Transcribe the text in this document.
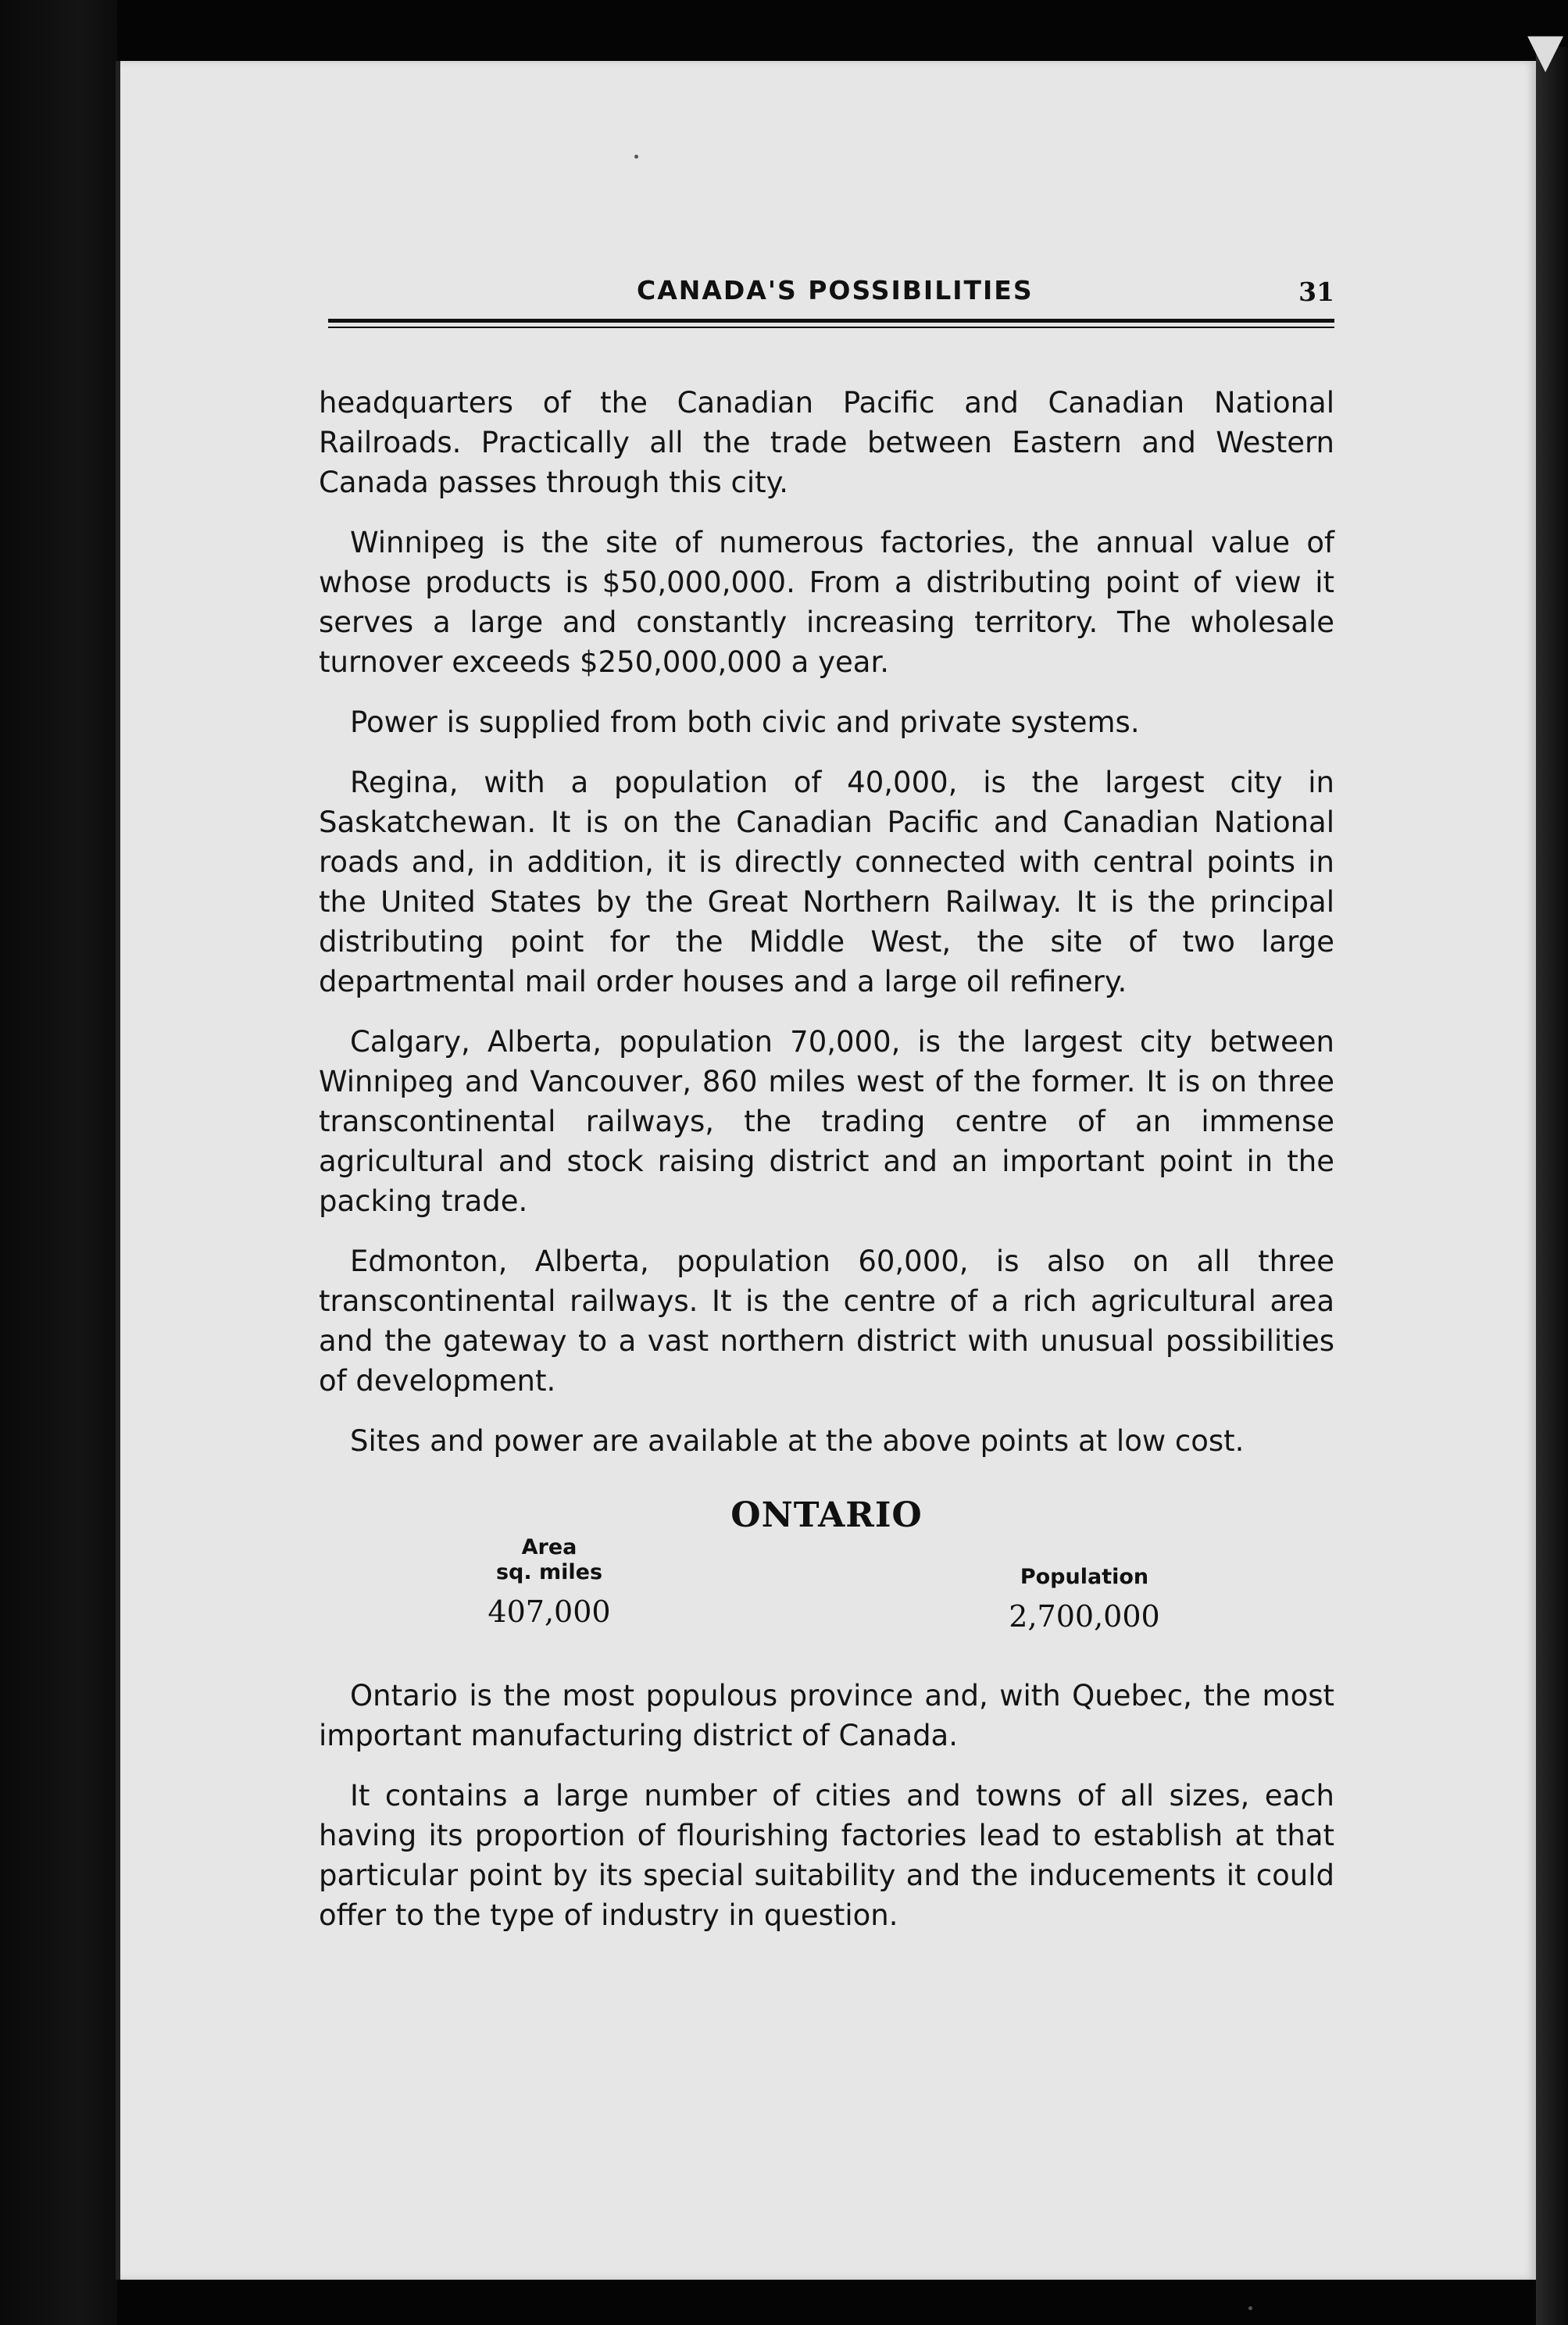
▼
CANADA'S POSSIBILITIES	31

headquarters of the Canadian Pacific and Canadian National Railroads. Practically all the trade between Eastern and Western Canada passes through this city.

Winnipeg is the site of numerous factories, the annual value of whose products is $50,000,000. From a distributing point of view it serves a large and constantly increasing territory. The wholesale turnover exceeds $250,000,000 a year.

Power is supplied from both civic and private systems.

Regina, with a population of 40,000, is the largest city in Saskatchewan. It is on the Canadian Pacific and Canadian National roads and, in addition, it is directly connected with central points in the United States by the Great Northern Railway. It is the principal distributing point for the Middle West, the site of two large departmental mail order houses and a large oil refinery.

Calgary, Alberta, population 70,000, is the largest city between Winnipeg and Vancouver, 860 miles west of the former. It is on three transcontinental railways, the trading centre of an immense agricultural and stock raising district and an important point in the packing trade.

Edmonton, Alberta, population 60,000, is also on all three transcontinental railways. It is the centre of a rich agricultural area and the gateway to a vast northern district with unusual possibilities of development.

Sites and power are available at the above points at low cost.

ONTARIO
Area
sq. miles
407,000
Population
2,700,000

Ontario is the most populous province and, with Quebec, the most important manufacturing district of Canada.

It contains a large number of cities and towns of all sizes, each having its proportion of flourishing factories lead to establish at that particular point by its special suitability and the inducements it could offer to the type of industry in question.
